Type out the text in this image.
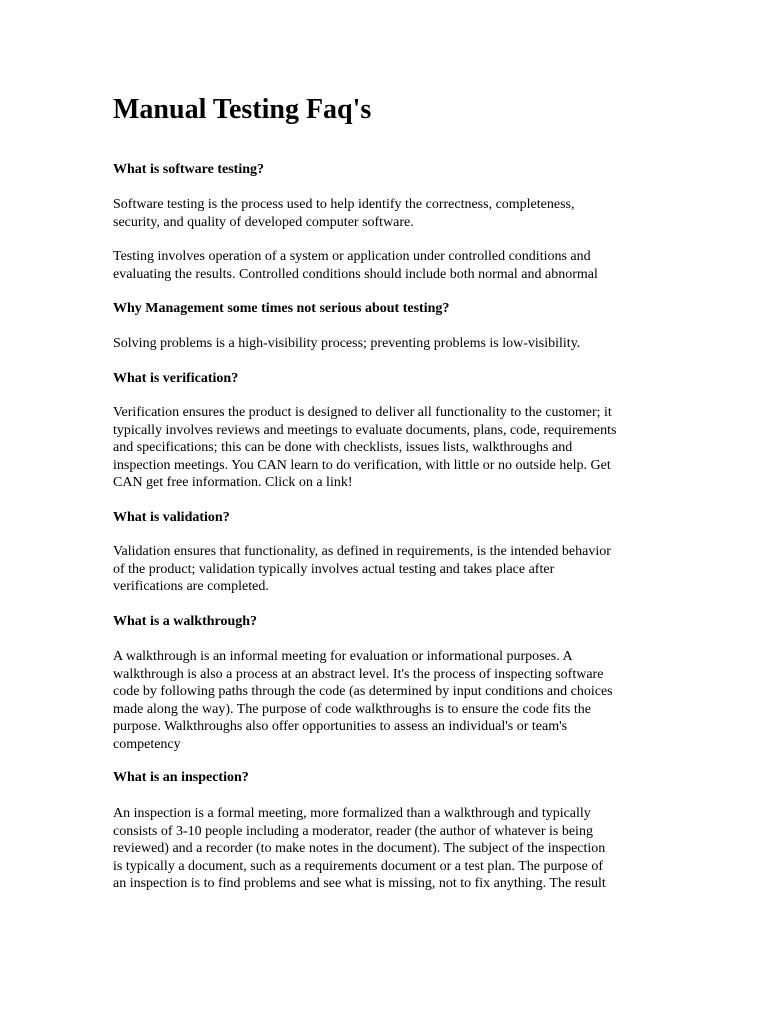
Manual Testing Faq's

What is software testing?

Software testing is the process used to help identify the correctness, completeness,
security, and quality of developed computer software.

Testing involves operation of a system or application under controlled conditions and
evaluating the results. Controlled conditions should include both normal and abnormal

Why Management some times not serious about testing?

Solving problems is a high-visibility process; preventing problems is low-visibility.

What is verification?

Verification ensures the product is designed to deliver all functionality to the customer; it
typically involves reviews and meetings to evaluate documents, plans, code, requirements
and specifications; this can be done with checklists, issues lists, walkthroughs and
inspection meetings. You CAN learn to do verification, with little or no outside help. Get
CAN get free information. Click on a link!

What is validation?

Validation ensures that functionality, as defined in requirements, is the intended behavior
of the product; validation typically involves actual testing and takes place after
verifications are completed.

What is a walkthrough?

A walkthrough is an informal meeting for evaluation or informational purposes. A
walkthrough is also a process at an abstract level. It's the process of inspecting software
code by following paths through the code (as determined by input conditions and choices
made along the way). The purpose of code walkthroughs is to ensure the code fits the
purpose. Walkthroughs also offer opportunities to assess an individual's or team's
competency

What is an inspection?

An inspection is a formal meeting, more formalized than a walkthrough and typically
consists of 3-10 people including a moderator, reader (the author of whatever is being
reviewed) and a recorder (to make notes in the document). The subject of the inspection
is typically a document, such as a requirements document or a test plan. The purpose of
an inspection is to find problems and see what is missing, not to fix anything. The result
